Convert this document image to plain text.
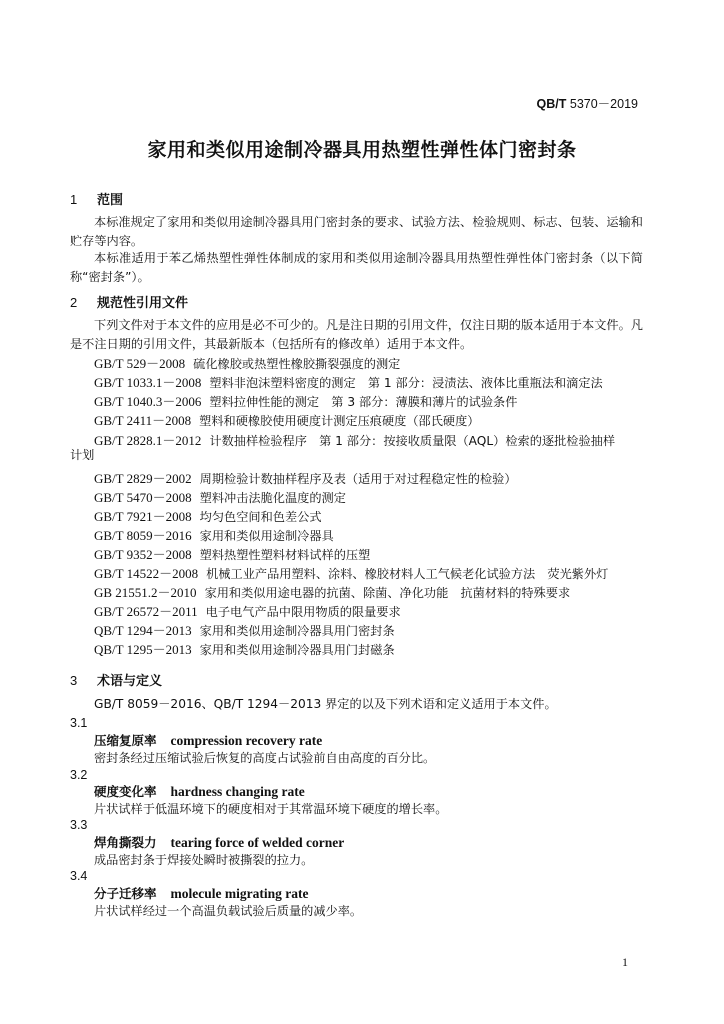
QB/T 5370－2019
家用和类似用途制冷器具用热塑性弹性体门密封条
1 范围
本标准规定了家用和类似用途制冷器具用门密封条的要求、试验方法、检验规则、标志、包装、运输和贮存等内容。
本标准适用于苯乙烯热塑性弹性体制成的家用和类似用途制冷器具用热塑性弹性体门密封条（以下简称“密封条”）。
2 规范性引用文件
下列文件对于本文件的应用是必不可少的。凡是注日期的引用文件，仅注日期的版本适用于本文件。凡是不注日期的引用文件，其最新版本（包括所有的修改单）适用于本文件。
GB/T 529－2008 硫化橡胶或热塑性橡胶撕裂强度的测定
GB/T 1033.1－2008 塑料非泡沫塑料密度的测定　第 1 部分：浸渍法、液体比重瓶法和滴定法
GB/T 1040.3－2006 塑料拉伸性能的测定　第 3 部分：薄膜和薄片的试验条件
GB/T 2411－2008 塑料和硬橡胶使用硬度计测定压痕硬度（邵氏硬度）
GB/T 2828.1－2012 计数抽样检验程序　第 1 部分：按接收质量限（AQL）检索的逐批检验抽样
计划
GB/T 2829－2002 周期检验计数抽样程序及表（适用于对过程稳定性的检验）
GB/T 5470－2008 塑料冲击法脆化温度的测定
GB/T 7921－2008 均匀色空间和色差公式
GB/T 8059－2016 家用和类似用途制冷器具
GB/T 9352－2008 塑料热塑性塑料材料试样的压塑
GB/T 14522－2008 机械工业产品用塑料、涂料、橡胶材料人工气候老化试验方法　荧光紫外灯
GB 21551.2－2010 家用和类似用途电器的抗菌、除菌、净化功能　抗菌材料的特殊要求
GB/T 26572－2011 电子电气产品中限用物质的限量要求
QB/T 1294－2013 家用和类似用途制冷器具用门密封条
QB/T 1295－2013 家用和类似用途制冷器具用门封磁条
3 术语与定义
GB/T 8059－2016、QB/T 1294－2013 界定的以及下列术语和定义适用于本文件。
3.1
压缩复原率 compression recovery rate
密封条经过压缩试验后恢复的高度占试验前自由高度的百分比。
3.2
硬度变化率 hardness changing rate
片状试样于低温环境下的硬度相对于其常温环境下硬度的增长率。
3.3
焊角撕裂力 tearing force of welded corner
成品密封条于焊接处瞬时被撕裂的拉力。
3.4
分子迁移率 molecule migrating rate
片状试样经过一个高温负载试验后质量的减少率。
1
